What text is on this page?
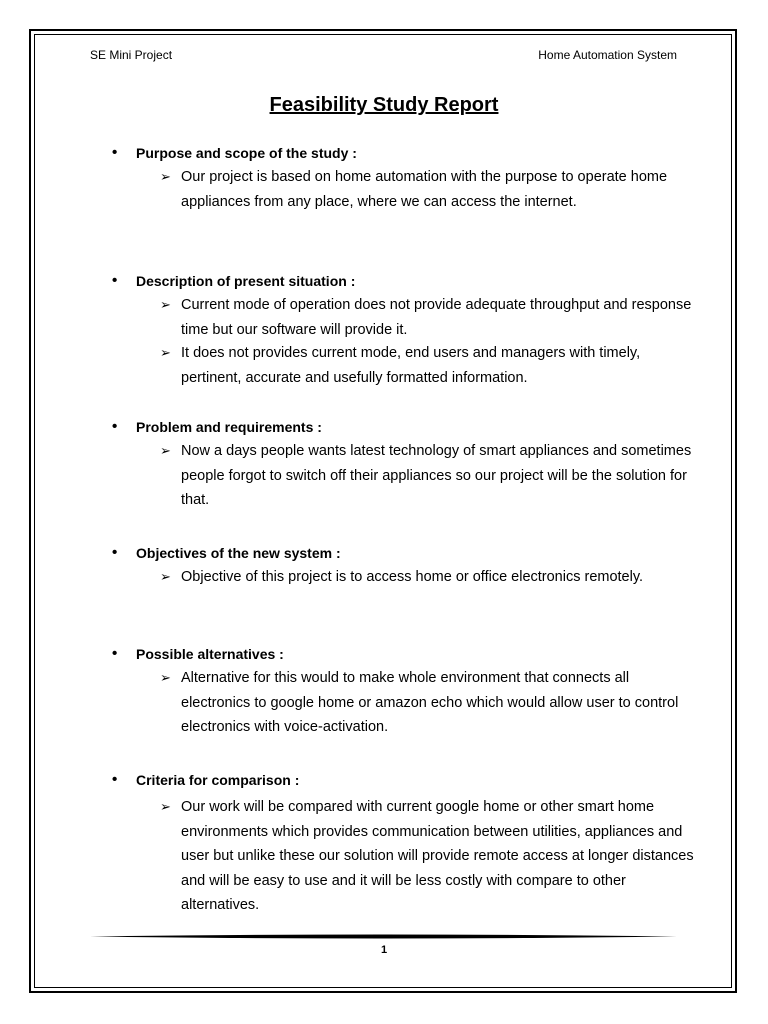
SE Mini Project	Home Automation System
Feasibility Study Report
• Purpose and scope of the study :
➢ Our project is based on home automation with the purpose to operate home appliances from any place, where we can access the internet.
• Description of present situation :
➢ Current mode of operation does not provide adequate throughput and response time but our software will provide it.
➢ It does not provides current mode, end users and managers with timely, pertinent, accurate and usefully formatted information.
• Problem and requirements :
➢ Now a days people wants latest technology of smart appliances and sometimes people forgot to switch off their appliances so our project will be the solution for that.
• Objectives of the new system :
➢ Objective of this project is to access home or office electronics remotely.
• Possible alternatives :
➢ Alternative for this would to make whole environment that connects all electronics to google home or amazon echo which would allow user to control electronics with voice-activation.
• Criteria for comparison :
➢ Our work will be compared with current google home or other smart home environments which provides communication between utilities, appliances and user but unlike these our solution will provide remote access at longer distances and will be easy to use and it will be less costly with compare to other alternatives.
1
